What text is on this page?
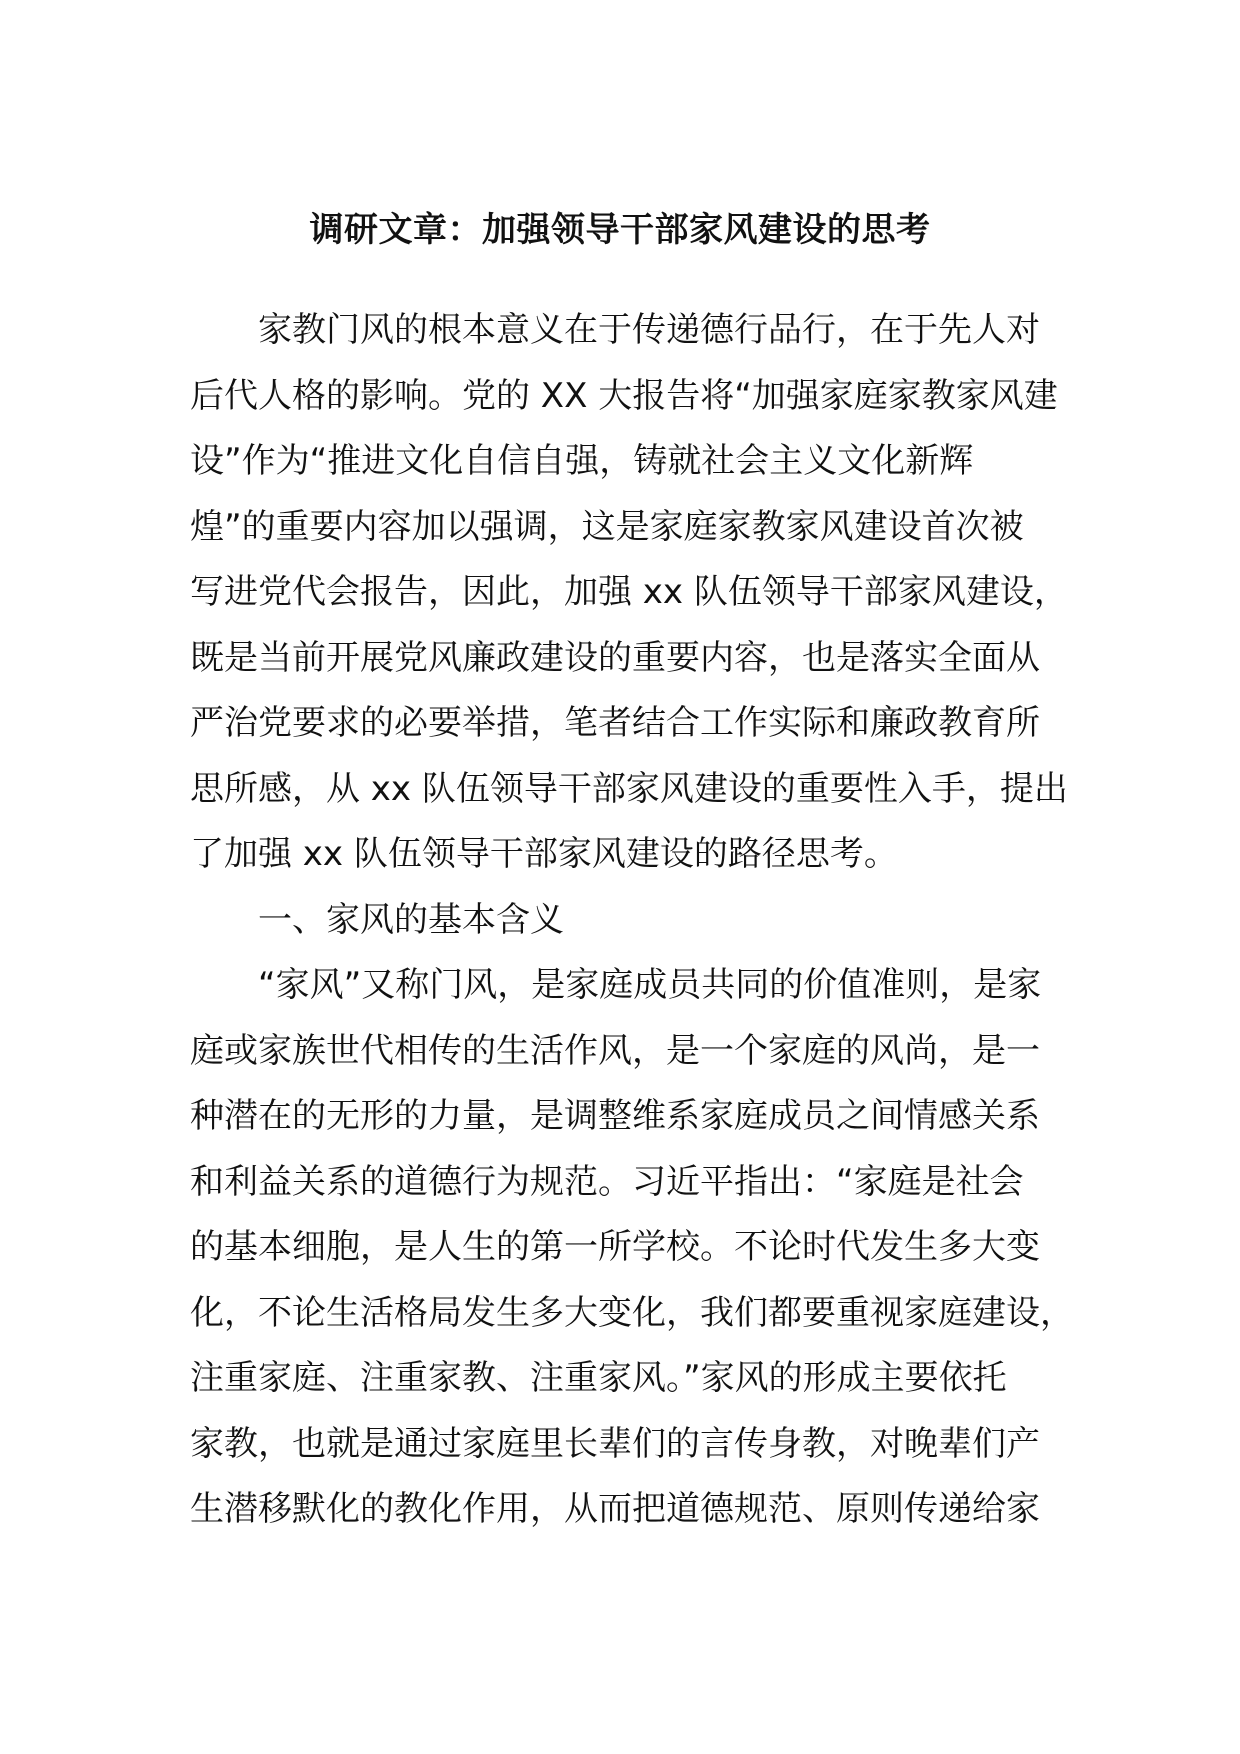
调研文章：加强领导干部家风建设的思考
家教门风的根本意义在于传递德行品行，在于先人对
后代人格的影响。党的 XX 大报告将“加强家庭家教家风建
设”作为“推进文化自信自强，铸就社会主义文化新辉
煌”的重要内容加以强调，这是家庭家教家风建设首次被
写进党代会报告，因此，加强 xx 队伍领导干部家风建设，
既是当前开展党风廉政建设的重要内容，也是落实全面从
严治党要求的必要举措，笔者结合工作实际和廉政教育所
思所感，从 xx 队伍领导干部家风建设的重要性入手，提出
了加强 xx 队伍领导干部家风建设的路径思考。
一、家风的基本含义
“家风”又称门风，是家庭成员共同的价值准则，是家
庭或家族世代相传的生活作风，是一个家庭的风尚，是一
种潜在的无形的力量，是调整维系家庭成员之间情感关系
和利益关系的道德行为规范。习近平指出：“家庭是社会
的基本细胞，是人生的第一所学校。不论时代发生多大变
化，不论生活格局发生多大变化，我们都要重视家庭建设，
注重家庭、注重家教、注重家风。”家风的形成主要依托
家教，也就是通过家庭里长辈们的言传身教，对晚辈们产
生潜移默化的教化作用，从而把道德规范、原则传递给家
